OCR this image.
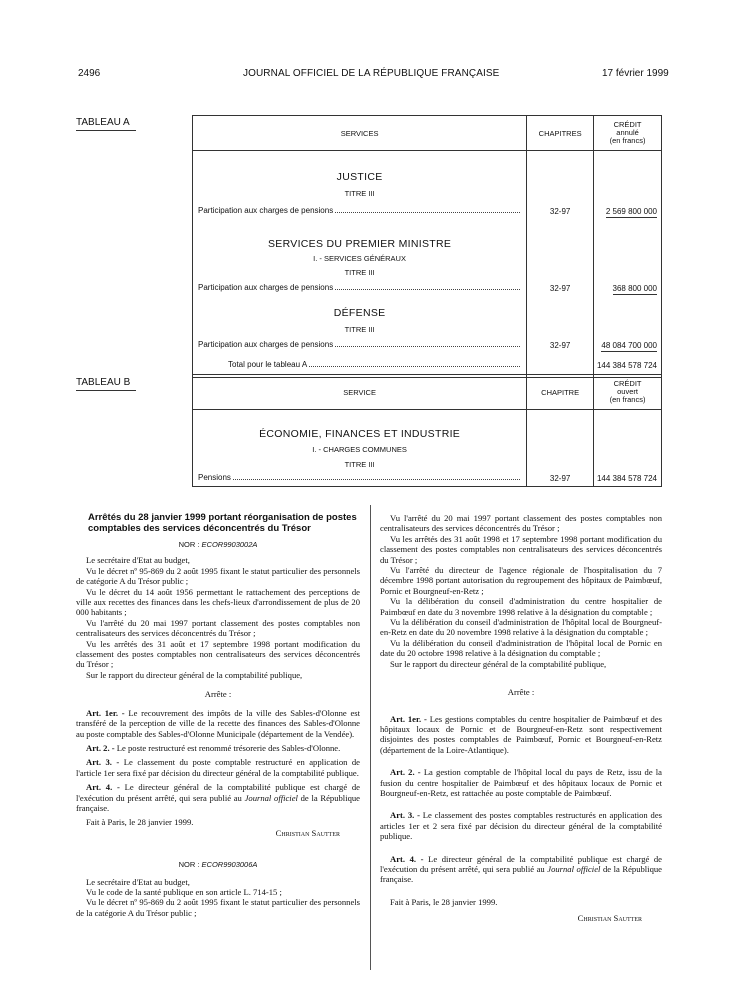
2496	JOURNAL OFFICIEL DE LA RÉPUBLIQUE FRANÇAISE	17 février 1999
TABLEAU A
SERVICES	CHAPITRES	CRÉDIT
annulé
(en francs)

JUSTICE
TITRE III
Participation aux charges de pensions	32-97	2 569 800 000

SERVICES DU PREMIER MINISTRE
I. - SERVICES GÉNÉRAUX
TITRE III
Participation aux charges de pensions	32-97	368 800 000

DÉFENSE
TITRE III
Participation aux charges de pensions	32-97	48 084 700 000

Total pour le tableau A		144 384 578 724
TABLEAU B
SERVICE	CHAPITRE	CRÉDIT
ouvert
(en francs)

ÉCONOMIE, FINANCES ET INDUSTRIE
I. - CHARGES COMMUNES
TITRE III
Pensions	32-97	144 384 578 724
Arrêtés du 28 janvier 1999 portant réorganisation de postes comptables des services déconcentrés du Trésor
NOR : ECOR9903002A

Le secrétaire d'Etat au budget,

Vu le décret nº 95-869 du 2 août 1995 fixant le statut particulier des personnels de catégorie A du Trésor public ;

Vu le décret du 14 août 1956 permettant le rattachement des perceptions de ville aux recettes des finances dans les chefs-lieux d'arrondissement de plus de 20 000 habitants ;

Vu l'arrêté du 20 mai 1997 portant classement des postes comptables non centralisateurs des services déconcentrés du Trésor ;

Vu les arrêtés des 31 août et 17 septembre 1998 portant modification du classement des postes comptables non centralisateurs des services déconcentrés du Trésor ;

Sur le rapport du directeur général de la comptabilité publique,

Arrête :

Art. 1er. - Le recouvrement des impôts de la ville des Sables-d'Olonne est transféré de la perception de ville de la recette des finances des Sables-d'Olonne au poste comptable des Sables-d'Olonne Municipale (département de la Vendée).

Art. 2. - Le poste restructuré est renommé trésorerie des Sables-d'Olonne.

Art. 3. - Le classement du poste comptable restructuré en application de l'article 1er sera fixé par décision du directeur général de la comptabilité publique.

Art. 4. - Le directeur général de la comptabilité publique est chargé de l'exécution du présent arrêté, qui sera publié au Journal officiel de la République française.

Fait à Paris, le 28 janvier 1999.

Christian Sautter

NOR : ECOR9903006A

Le secrétaire d'Etat au budget,

Vu le code de la santé publique en son article L. 714-15 ;

Vu le décret nº 95-869 du 2 août 1995 fixant le statut particulier des personnels de la catégorie A du Trésor public ;

Vu l'arrêté du 20 mai 1997 portant classement des postes comptables non centralisateurs des services déconcentrés du Trésor ;

Vu les arrêtés des 31 août 1998 et 17 septembre 1998 portant modification du classement des postes comptables non centralisateurs des services déconcentrés du Trésor ;

Vu l'arrêté du directeur de l'agence régionale de l'hospitalisation du 7 décembre 1998 portant autorisation du regroupement des hôpitaux de Paimbœuf, Pornic et Bourgneuf-en-Retz ;

Vu la délibération du conseil d'administration du centre hospitalier de Paimbœuf en date du 3 novembre 1998 relative à la désignation du comptable ;

Vu la délibération du conseil d'administration de l'hôpital local de Bourgneuf-en-Retz en date du 20 novembre 1998 relative à la désignation du comptable ;

Vu la délibération du conseil d'administration de l'hôpital local de Pornic en date du 20 octobre 1998 relative à la désignation du comptable ;

Sur le rapport du directeur général de la comptabilité publique,

Arrête :

Art. 1er. - Les gestions comptables du centre hospitalier de Paimbœuf et des hôpitaux locaux de Pornic et de Bourgneuf-en-Retz sont respectivement disjointes des postes comptables de Paimbœuf, Pornic et Bourgneuf-en-Retz (département de la Loire-Atlantique).

Art. 2. - La gestion comptable de l'hôpital local du pays de Retz, issu de la fusion du centre hospitalier de Paimbœuf et des hôpitaux locaux de Pornic et Bourgneuf-en-Retz, est rattachée au poste comptable de Paimbœuf.

Art. 3. - Le classement des postes comptables restructurés en application des articles 1er et 2 sera fixé par décision du directeur général de la comptabilité publique.

Art. 4. - Le directeur général de la comptabilité publique est chargé de l'exécution du présent arrêté, qui sera publié au Journal officiel de la République française.

Fait à Paris, le 28 janvier 1999.

Christian Sautter
